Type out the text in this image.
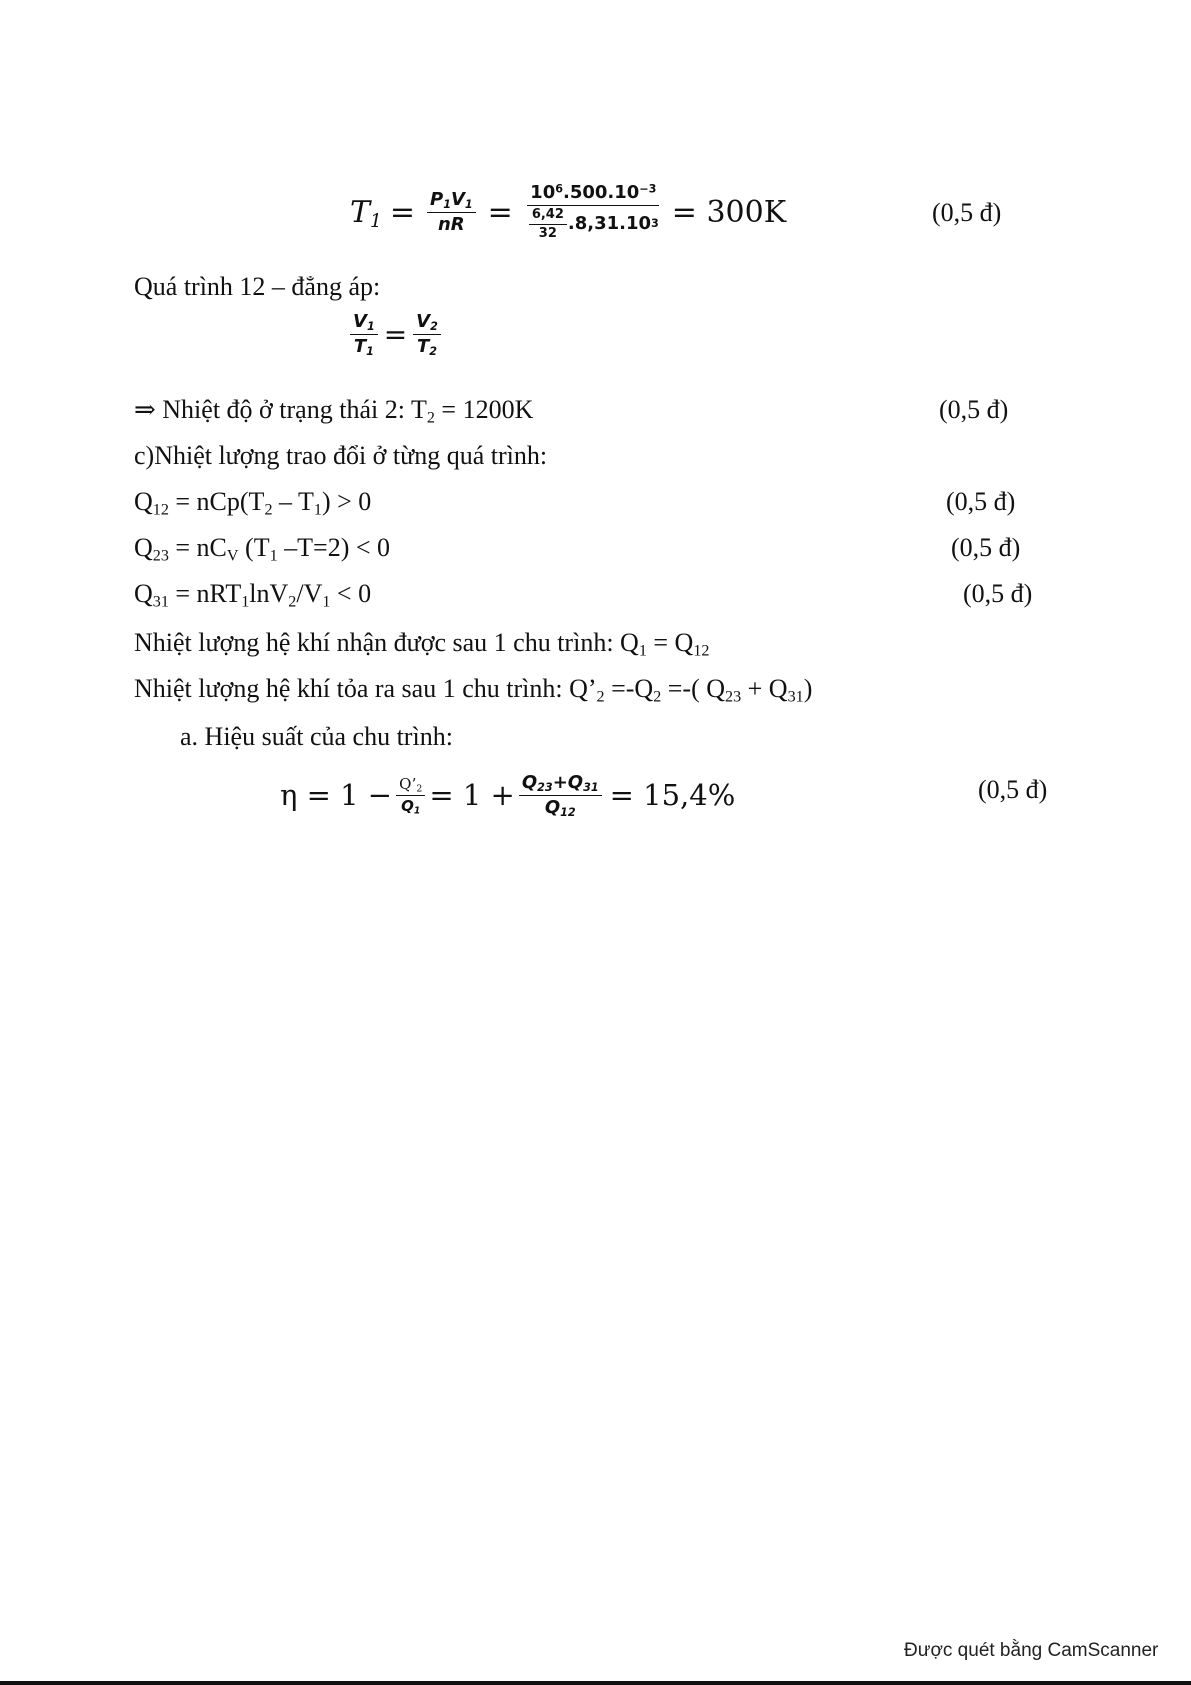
$T_1 = \frac{P_1V_1}{nR} = \frac{10^6.500.10^{-3}}{\frac{6,42}{32} .8,31.10 3} = 300K$	(0,5 đ)
Quá trình 12 – đẳng áp:
$\frac{V_1}{T_1} = \frac{V_2}{T_2}$
⇒ Nhiệt độ ở trạng thái 2: $T_2 = 1200K$	(0,5 đ)
c)Nhiệt lượng trao đổi ở từng quá trình:
$Q_{12} = nCp(T_2 - T_1) > 0$	(0,5 đ)
$Q_{23} = nC_V$ ($T_1$ –T=2) < 0	(0,5 đ)
$Q_{31} = nRT_1\ln V_2/V_1 < 0$	(0,5 đ)
Nhiệt lượng hệ khí nhận được sau 1 chu trình: $Q_1 = Q_{12}$
Nhiệt lượng hệ khí tỏa ra sau 1 chu trình: $Q’_2 =-Q_2$ =-( $Q_{23} + Q_{31}$)
a. Hiệu suất của chu trình:
$\eta = 1 - \frac{Q’_2}{Q_1} = 1 + \frac{Q_{23}+Q_{31}}{Q_{12}} = 15,4\%$	(0,5 đ)
Được quét bằng CamScanner
